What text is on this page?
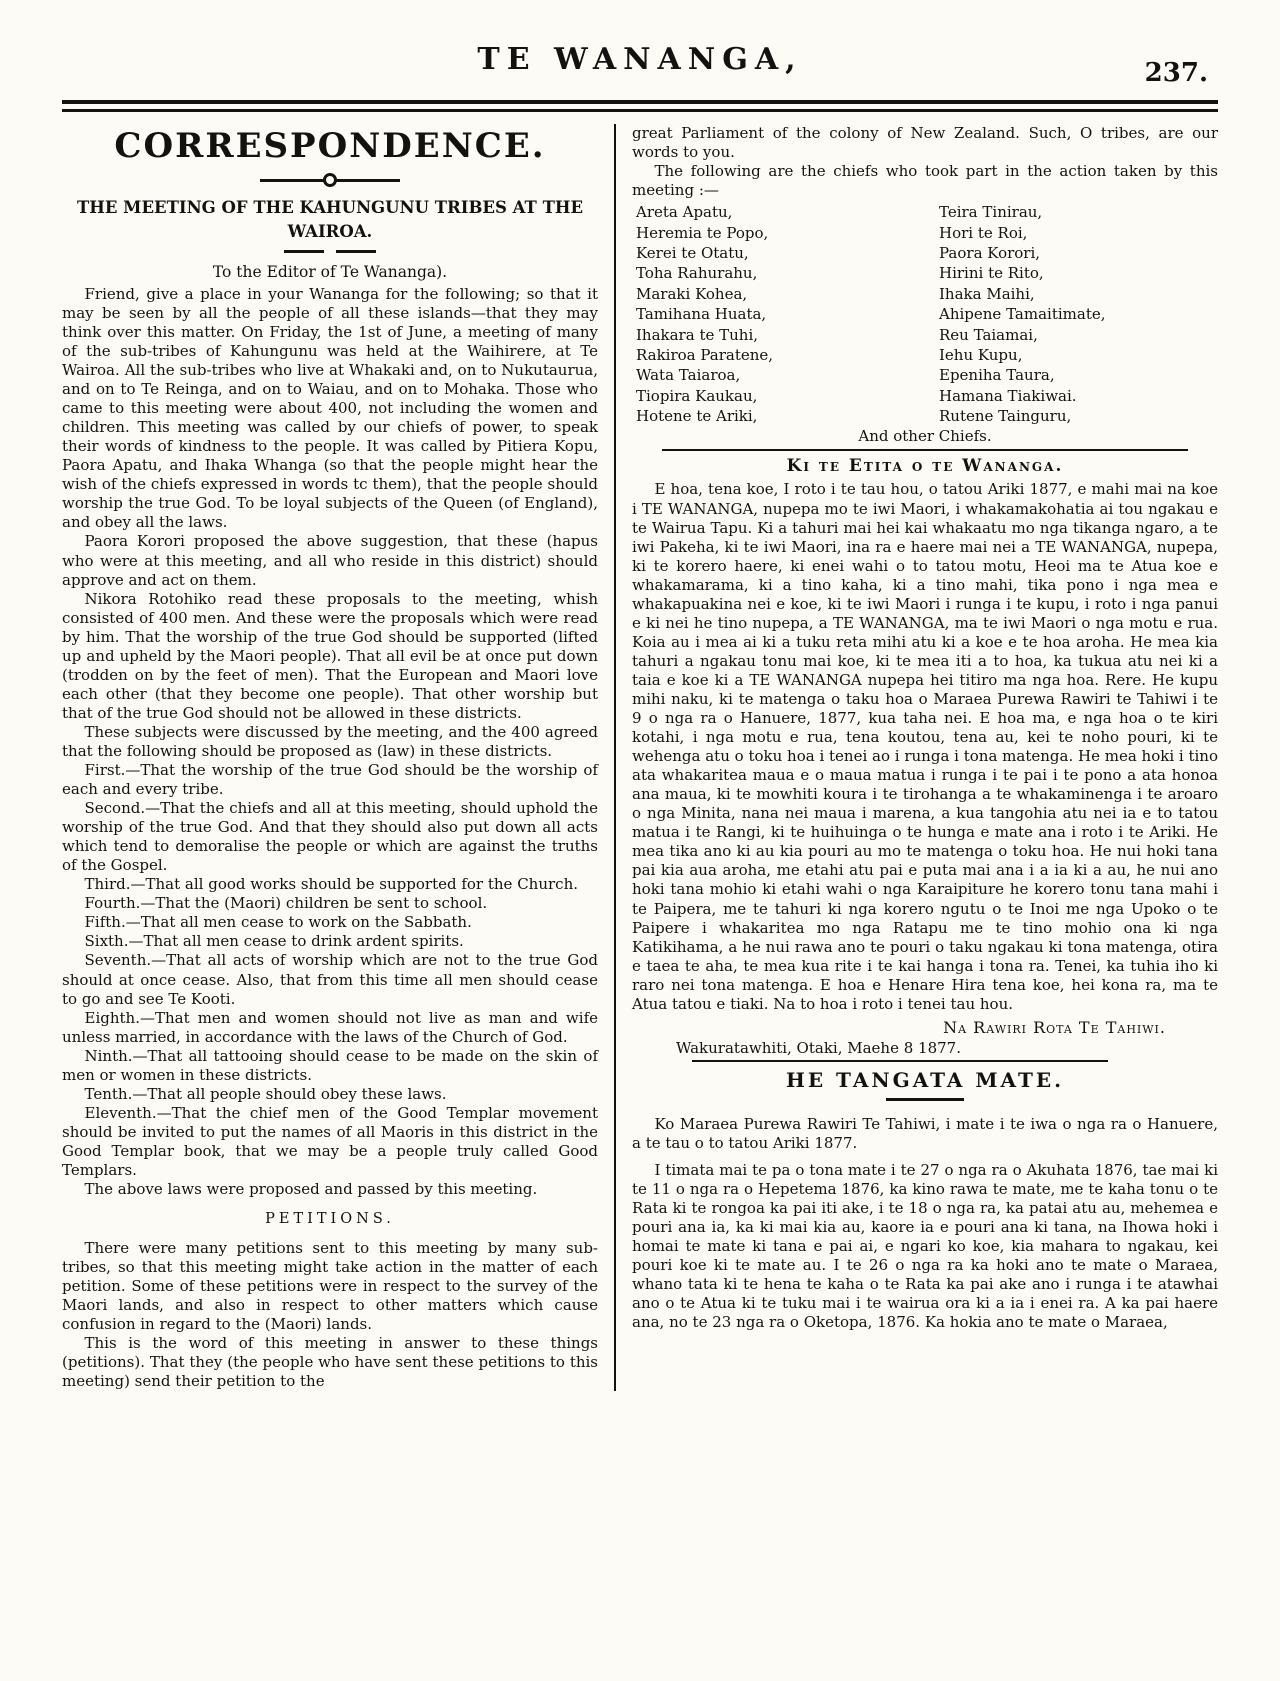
TE WANANGA,	237.
CORRESPONDENCE.
THE MEETING OF THE KAHUNGUNU TRIBES AT THE WAIROA.

To the Editor of Te Wananga).

Friend, give a place in your Wananga for the following; so that it may be seen by all the people of all these islands—that they may think over this matter. On Friday, the 1st of June, a meeting of many of the sub-tribes of Kahungunu was held at the Waihirere, at Te Wairoa. All the sub-tribes who live at Whakaki and, on to Nukutaurua, and on to Te Reinga, and on to Waiau, and on to Mohaka. Those who came to this meeting were about 400, not including the women and children. This meeting was called by our chiefs of power, to speak their words of kindness to the people. It was called by Pitiera Kopu, Paora Apatu, and Ihaka Whanga (so that the people might hear the wish of the chiefs expressed in words tc them), that the people should worship the true God. To be loyal subjects of the Queen (of England), and obey all the laws.

Paora Korori proposed the above suggestion, that these (hapus who were at this meeting, and all who reside in this district) should approve and act on them.

Nikora Rotohiko read these proposals to the meeting, whish consisted of 400 men. And these were the proposals which were read by him. That the worship of the true God should be supported (lifted up and upheld by the Maori people). That all evil be at once put down (trodden on by the feet of men). That the European and Maori love each other (that they become one people). That other worship but that of the true God should not be allowed in these districts.

These subjects were discussed by the meeting, and the 400 agreed that the following should be proposed as (law) in these districts.

First.—That the worship of the true God should be the worship of each and every tribe.

Second.—That the chiefs and all at this meeting, should uphold the worship of the true God. And that they should also put down all acts which tend to demoralise the people or which are against the truths of the Gospel.

Third.—That all good works should be supported for the Church.

Fourth.—That the (Maori) children be sent to school.

Fifth.—That all men cease to work on the Sabbath.

Sixth.—That all men cease to drink ardent spirits.

Seventh.—That all acts of worship which are not to the true God should at once cease. Also, that from this time all men should cease to go and see Te Kooti.

Eighth.—That men and women should not live as man and wife unless married, in accordance with the laws of the Church of God.

Ninth.—That all tattooing should cease to be made on the skin of men or women in these districts.

Tenth.—That all people should obey these laws.

Eleventh.—That the chief men of the Good Templar movement should be invited to put the names of all Maoris in this district in the Good Templar book, that we may be a people truly called Good Templars.

The above laws were proposed and passed by this meeting.

PETITIONS.

There were many petitions sent to this meeting by many sub-tribes, so that this meeting might take action in the matter of each petition. Some of these petitions were in respect to the survey of the Maori lands, and also in respect to other matters which cause confusion in regard to the (Maori) lands.

This is the word of this meeting in answer to these things (petitions). That they (the people who have sent these petitions to this meeting) send their petition to the

great Parliament of the colony of New Zealand. Such, O tribes, are our words to you.

The following are the chiefs who took part in the action taken by this meeting :—

Areta Apatu,
Heremia te Popo,
Kerei te Otatu,
Toha Rahurahu,
Maraki Kohea,
Tamihana Huata,
Ihakara te Tuhi,
Rakiroa Paratene,
Wata Taiaroa,
Tiopira Kaukau,
Hotene te Ariki,
Teira Tinirau,
Hori te Roi,
Paora Korori,
Hirini te Rito,
Ihaka Maihi,
Ahipene Tamaitimate,
Reu Taiamai,
Iehu Kupu,
Epeniha Taura,
Hamana Tiakiwai.
Rutene Tainguru,

And other Chiefs.

Ki te Etita o te Wananga.

E hoa, tena koe, I roto i te tau hou, o tatou Ariki 1877, e mahi mai na koe i TE WANANGA, nupepa mo te iwi Maori, i whakamakohatia ai tou ngakau e te Wairua Tapu. Ki a tahuri mai hei kai whakaatu mo nga tikanga ngaro, a te iwi Pakeha, ki te iwi Maori, ina ra e haere mai nei a TE WANANGA, nupepa, ki te korero haere, ki enei wahi o to tatou motu, Heoi ma te Atua koe e whakamarama, ki a tino kaha, ki a tino mahi, tika pono i nga mea e whakapuakina nei e koe, ki te iwi Maori i runga i te kupu, i roto i nga panui e ki nei he tino nupepa, a TE WANANGA, ma te iwi Maori o nga motu e rua. Koia au i mea ai ki a tuku reta mihi atu ki a koe e te hoa aroha. He mea kia tahuri a ngakau tonu mai koe, ki te mea iti a to hoa, ka tukua atu nei ki a taia e koe ki a TE WANANGA nupepa hei titiro ma nga hoa. Rere. He kupu mihi naku, ki te matenga o taku hoa o Maraea Purewa Rawiri te Tahiwi i te 9 o nga ra o Hanuere, 1877, kua taha nei. E hoa ma, e nga hoa o te kiri kotahi, i nga motu e rua, tena koutou, tena au, kei te noho pouri, ki te wehenga atu o toku hoa i tenei ao i runga i tona matenga. He mea hoki i tino ata whakaritea maua e o maua matua i runga i te pai i te pono a ata honoa ana maua, ki te mowhiti koura i te tirohanga a te whakaminenga i te aroaro o nga Minita, nana nei maua i marena, a kua tangohia atu nei ia e to tatou matua i te Rangi, ki te huihuinga o te hunga e mate ana i roto i te Ariki. He mea tika ano ki au kia pouri au mo te matenga o toku hoa. He nui hoki tana pai kia aua aroha, me etahi atu pai e puta mai ana i a ia ki a au, he nui ano hoki tana mohio ki etahi wahi o nga Karaipiture he korero tonu tana mahi i te Paipera, me te tahuri ki nga korero ngutu o te Inoi me nga Upoko o te Paipere i whakaritea mo nga Ratapu me te tino mohio ona ki nga Katikihama, a he nui rawa ano te pouri o taku ngakau ki tona matenga, otira e taea te aha, te mea kua rite i te kai hanga i tona ra. Tenei, ka tuhia iho ki raro nei tona matenga. E hoa e Henare Hira tena koe, hei kona ra, ma te Atua tatou e tiaki. Na to hoa i roto i tenei tau hou.

Na Rawiri Rota Te Tahiwi.

Wakuratawhiti, Otaki, Maehe 8 1877.

HE TANGATA MATE.

Ko Maraea Purewa Rawiri Te Tahiwi, i mate i te iwa o nga ra o Hanuere, a te tau o to tatou Ariki 1877.

I timata mai te pa o tona mate i te 27 o nga ra o Akuhata 1876, tae mai ki te 11 o nga ra o Hepetema 1876, ka kino rawa te mate, me te kaha tonu o te Rata ki te rongoa ka pai iti ake, i te 18 o nga ra, ka patai atu au, mehemea e pouri ana ia, ka ki mai kia au, kaore ia e pouri ana ki tana, na Ihowa hoki i homai te mate ki tana e pai ai, e ngari ko koe, kia mahara to ngakau, kei pouri koe ki te mate au. I te 26 o nga ra ka hoki ano te mate o Maraea, whano tata ki te hena te kaha o te Rata ka pai ake ano i runga i te atawhai ano o te Atua ki te tuku mai i te wairua ora ki a ia i enei ra. A ka pai haere ana, no te 23 nga ra o Oketopa, 1876. Ka hokia ano te mate o Maraea,
